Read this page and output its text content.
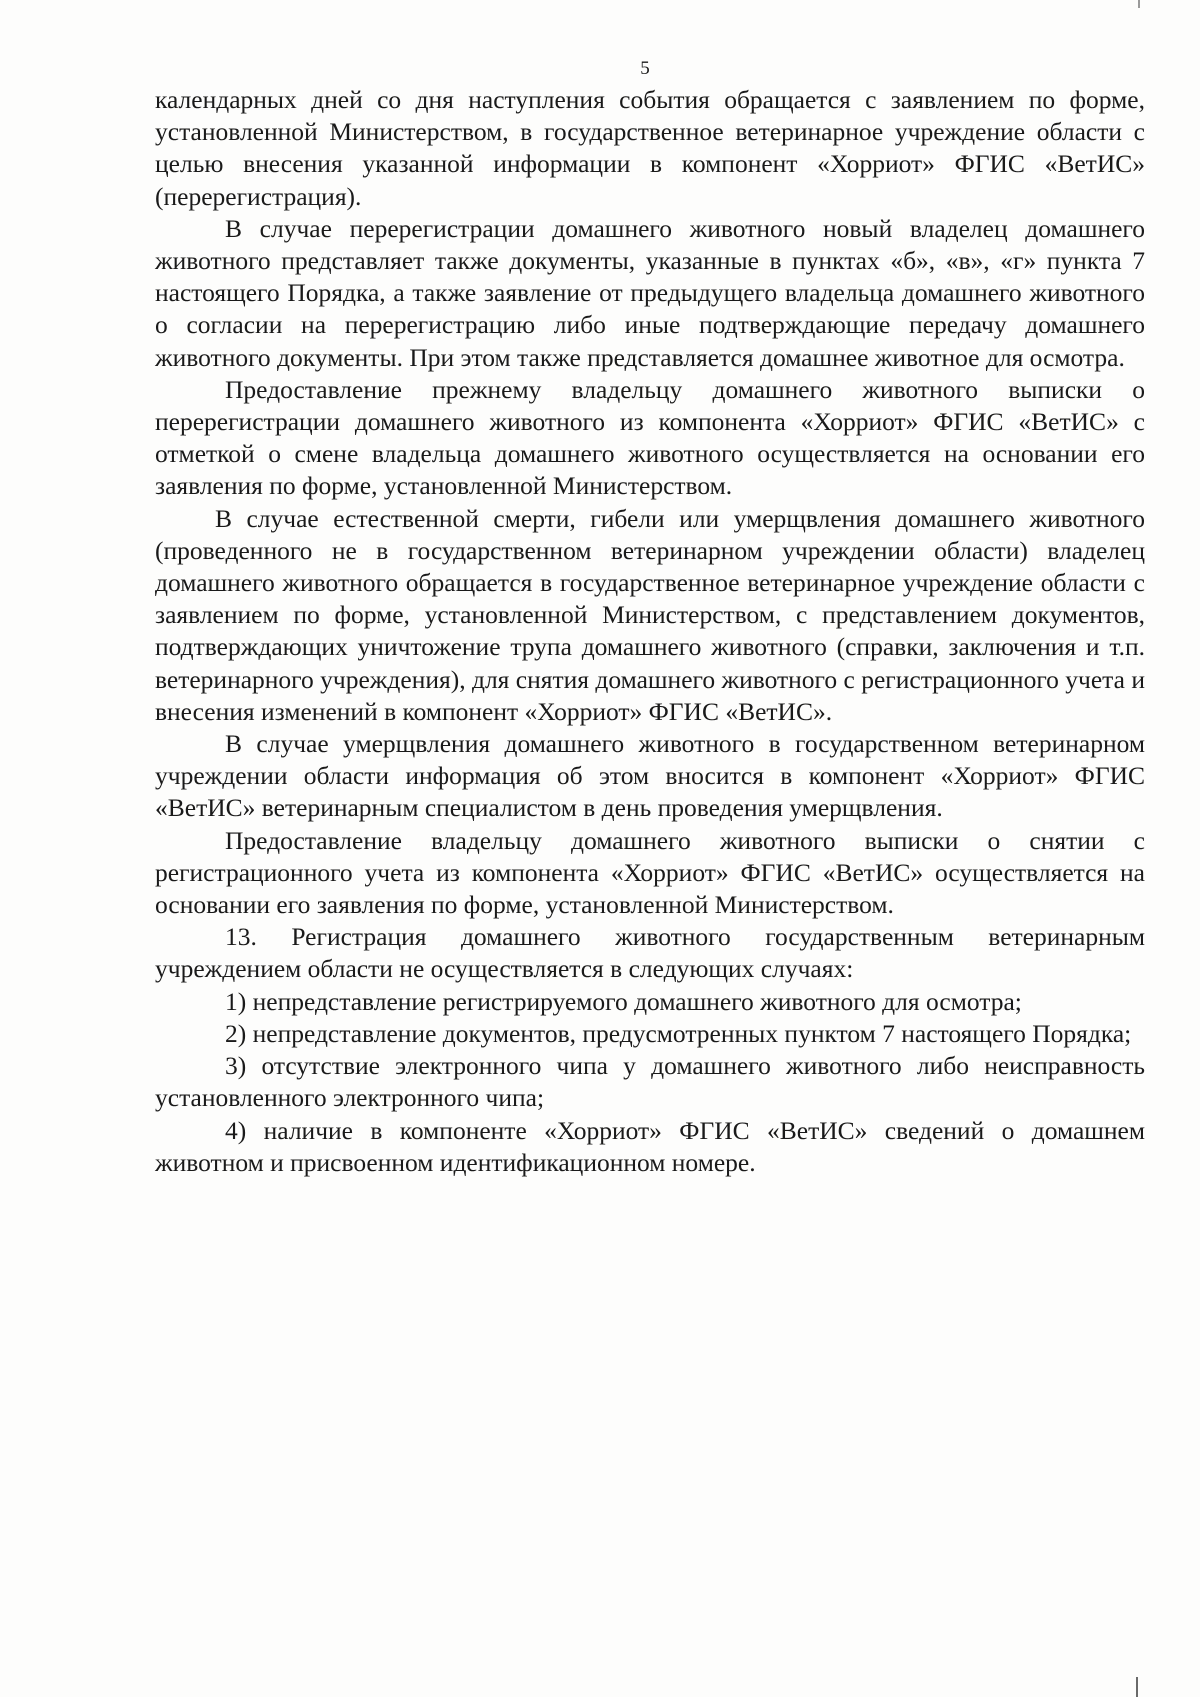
5

календарных дней со дня наступления события обращается с заявлением по форме, установленной Министерством, в государственное ветеринарное учреждение области с целью внесения указанной информации в компонент «Хорриот» ФГИС «ВетИС» (перерегистрация).

В случае перерегистрации домашнего животного новый владелец домашнего животного представляет также документы, указанные в пунктах «б», «в», «г» пункта 7 настоящего Порядка, а также заявление от предыдущего владельца домашнего животного о согласии на перерегистрацию либо иные подтверждающие передачу домашнего животного документы. При этом также представляется домашнее животное для осмотра.

Предоставление прежнему владельцу домашнего животного выписки о перерегистрации домашнего животного из компонента «Хорриот» ФГИС «ВетИС» с отметкой о смене владельца домашнего животного осуществляется на основании его заявления по форме, установленной Министерством.

В случае естественной смерти, гибели или умерщвления домашнего животного (проведенного не в государственном ветеринарном учреждении области) владелец домашнего животного обращается в государственное ветеринарное учреждение области с заявлением по форме, установленной Министерством, с представлением документов, подтверждающих уничтожение трупа домашнего животного (справки, заключения и т.п. ветеринарного учреждения), для снятия домашнего животного с регистрационного учета и внесения изменений в компонент «Хорриот» ФГИС «ВетИС».

В случае умерщвления домашнего животного в государственном ветеринарном учреждении области информация об этом вносится в компонент «Хорриот» ФГИС «ВетИС» ветеринарным специалистом в день проведения умерщвления.

Предоставление владельцу домашнего животного выписки о снятии с регистрационного учета из компонента «Хорриот» ФГИС «ВетИС» осуществляется на основании его заявления по форме, установленной Министерством.

13. Регистрация домашнего животного государственным ветеринарным учреждением области не осуществляется в следующих случаях:

1) непредставление регистрируемого домашнего животного для осмотра;

2) непредставление документов, предусмотренных пунктом 7 настоящего Порядка;

3) отсутствие электронного чипа у домашнего животного либо неисправность установленного электронного чипа;

4) наличие в компоненте «Хорриот» ФГИС «ВетИС» сведений о домашнем животном и присвоенном идентификационном номере.
